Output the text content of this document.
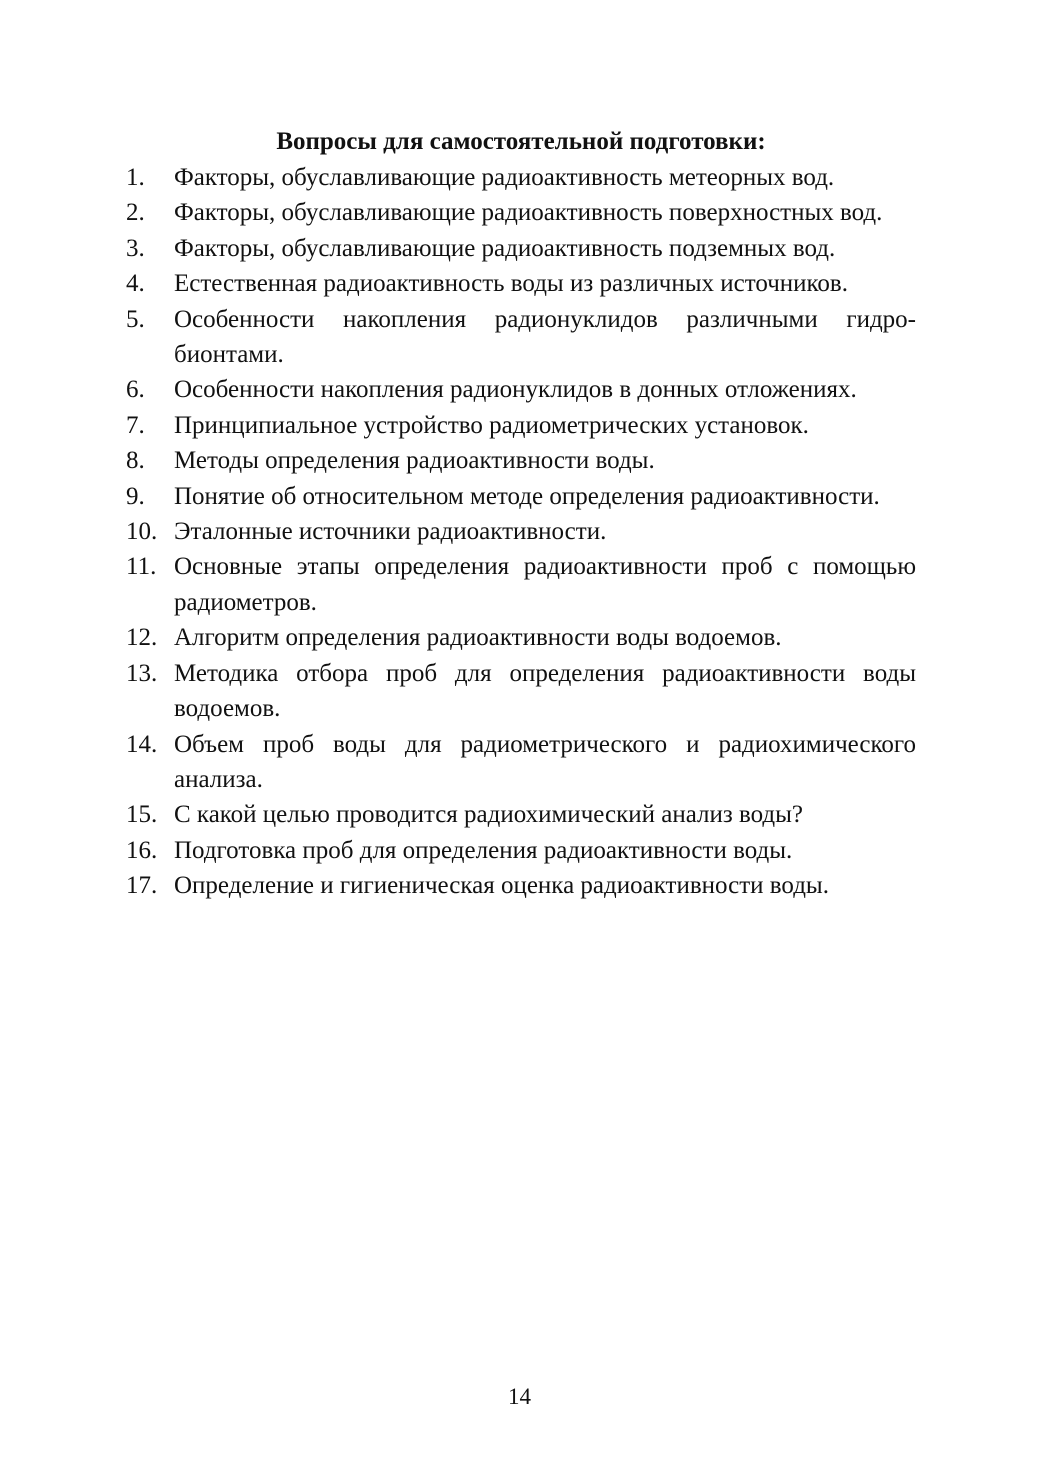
Вопросы для самостоятельной подготовки:
1.	Факторы, обуславливающие радиоактивность метеорных вод.
2.	Факторы, обуславливающие радиоактивность поверхностных вод.
3.	Факторы, обуславливающие радиоактивность подземных вод.
4.	Естественная радиоактивность воды из различных источников.
5.	Особенности накопления радионуклидов различными гидробионтами.
6.	Особенности накопления радионуклидов в донных отложениях.
7.	Принципиальное устройство радиометрических установок.
8.	Методы определения радиоактивности воды.
9.	Понятие об относительном методе определения радиоактивности.
10. Эталонные источники радиоактивности.
11. Основные этапы определения радиоактивности проб с помощью радиометров.
12. Алгоритм определения радиоактивности воды водоемов.
13. Методика отбора проб для определения радиоактивности воды водоемов.
14. Объем проб воды для радиометрического и радиохимического анализа.
15. С какой целью проводится радиохимический анализ воды?
16. Подготовка проб для определения радиоактивности воды.
17. Определение и гигиеническая оценка радиоактивности воды.
14
